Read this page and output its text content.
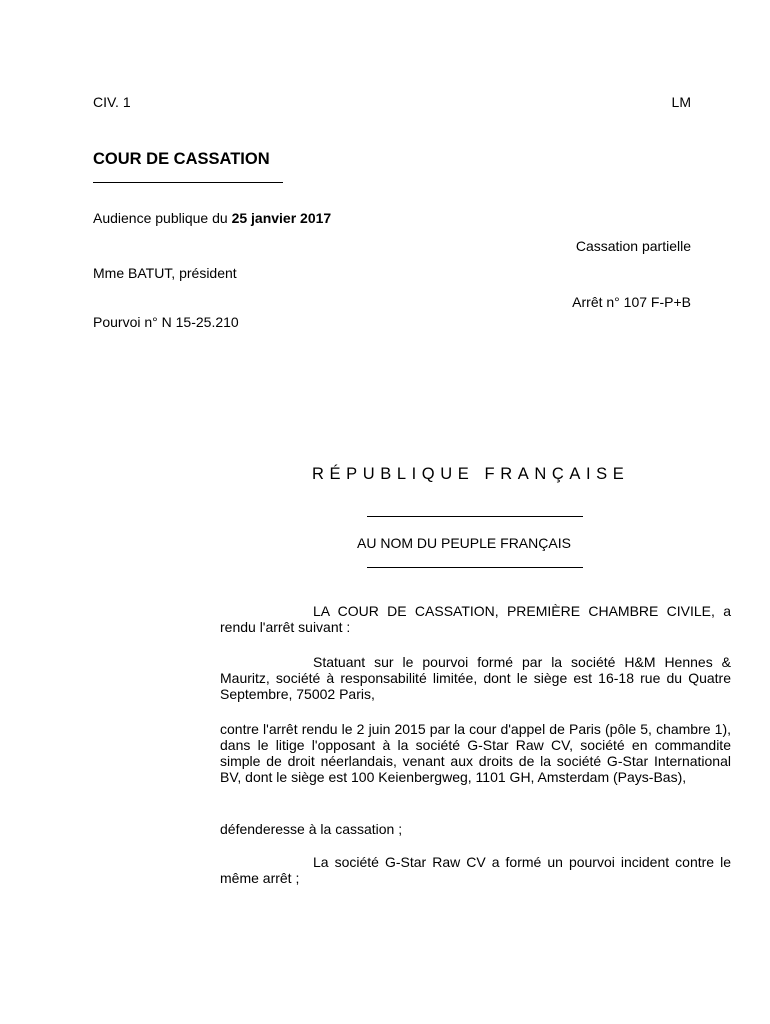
CIV. 1	LM
COUR DE CASSATION
Audience publique du 25 janvier 2017
Cassation partielle
Mme BATUT, président
Arrêt n° 107 F-P+B
Pourvoi n° N 15-25.210
RÉPUBLIQUE FRANÇAISE
AU NOM DU PEUPLE FRANÇAIS
LA COUR DE CASSATION, PREMIÈRE CHAMBRE CIVILE, a rendu l'arrêt suivant :
Statuant sur le pourvoi formé par la société H&M Hennes & Mauritz, société à responsabilité limitée, dont le siège est 16-18 rue du Quatre Septembre, 75002 Paris,
contre l'arrêt rendu le 2 juin 2015 par la cour d'appel de Paris (pôle 5, chambre 1), dans le litige l'opposant à la société G-Star Raw CV, société en commandite simple de droit néerlandais, venant aux droits de la société G-Star International BV, dont le siège est 100 Keienbergweg, 1101 GH, Amsterdam (Pays-Bas),
défenderesse à la cassation ;
La société G-Star Raw CV a formé un pourvoi incident contre le même arrêt ;
